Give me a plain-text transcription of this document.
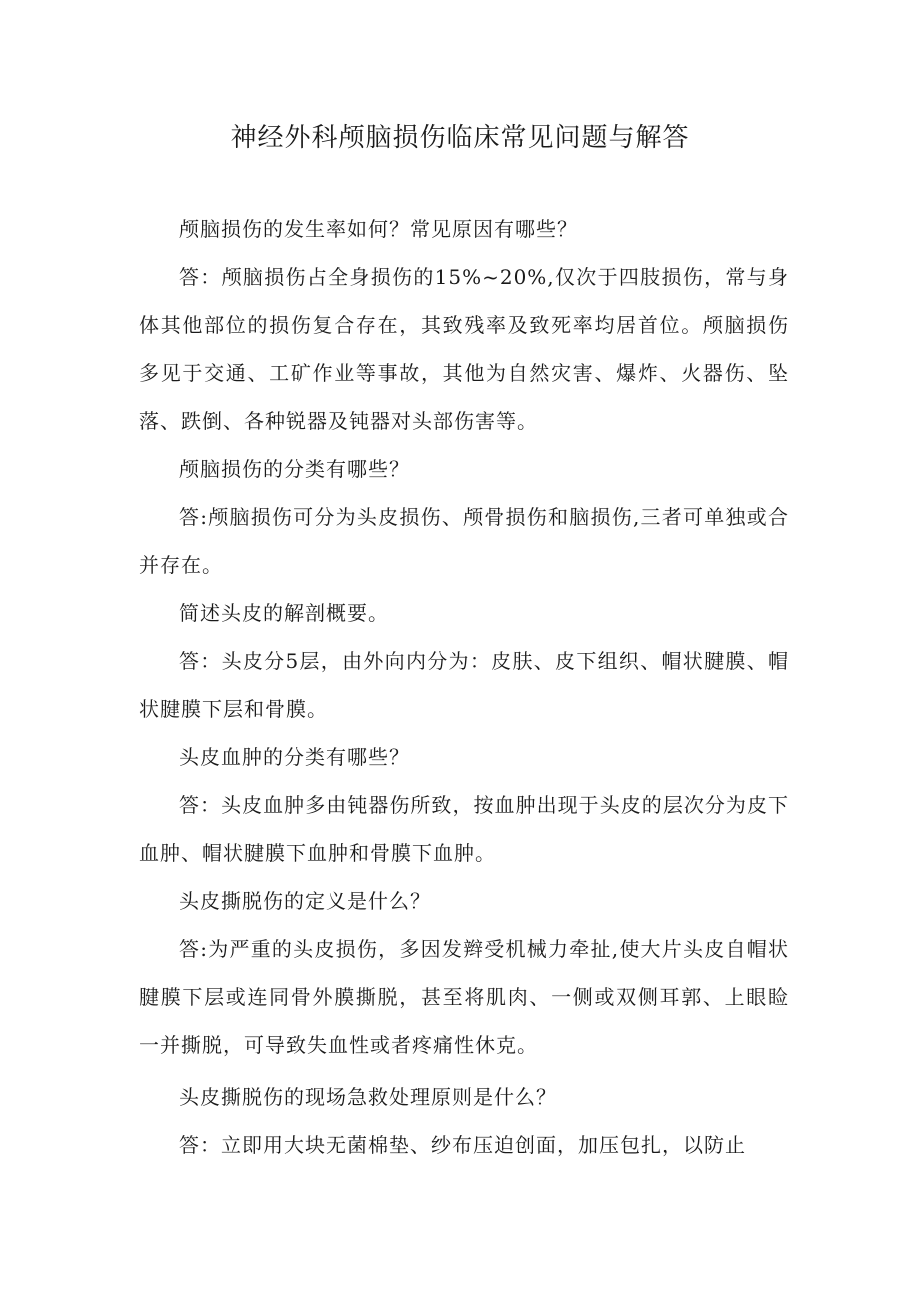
神经外科颅脑损伤临床常见问题与解答

颅脑损伤的发生率如何？常见原因有哪些？

答：颅脑损伤占全身损伤的15%~20%,仅次于四肢损伤，常与身体其他部位的损伤复合存在，其致残率及致死率均居首位。颅脑损伤多见于交通、工矿作业等事故，其他为自然灾害、爆炸、火器伤、坠落、跌倒、各种锐器及钝器对头部伤害等。

颅脑损伤的分类有哪些？

答:颅脑损伤可分为头皮损伤、颅骨损伤和脑损伤,三者可单独或合并存在。

简述头皮的解剖概要。

答：头皮分5层，由外向内分为：皮肤、皮下组织、帽状腱膜、帽状腱膜下层和骨膜。

头皮血肿的分类有哪些？

答：头皮血肿多由钝器伤所致，按血肿出现于头皮的层次分为皮下血肿、帽状腱膜下血肿和骨膜下血肿。

头皮撕脱伤的定义是什么？

答:为严重的头皮损伤，多因发辫受机械力牵扯,使大片头皮自帽状腱膜下层或连同骨外膜撕脱，甚至将肌肉、一侧或双侧耳郭、上眼睑一并撕脱，可导致失血性或者疼痛性休克。

头皮撕脱伤的现场急救处理原则是什么？

答：立即用大块无菌棉垫、纱布压迫创面，加压包扎，以防止
